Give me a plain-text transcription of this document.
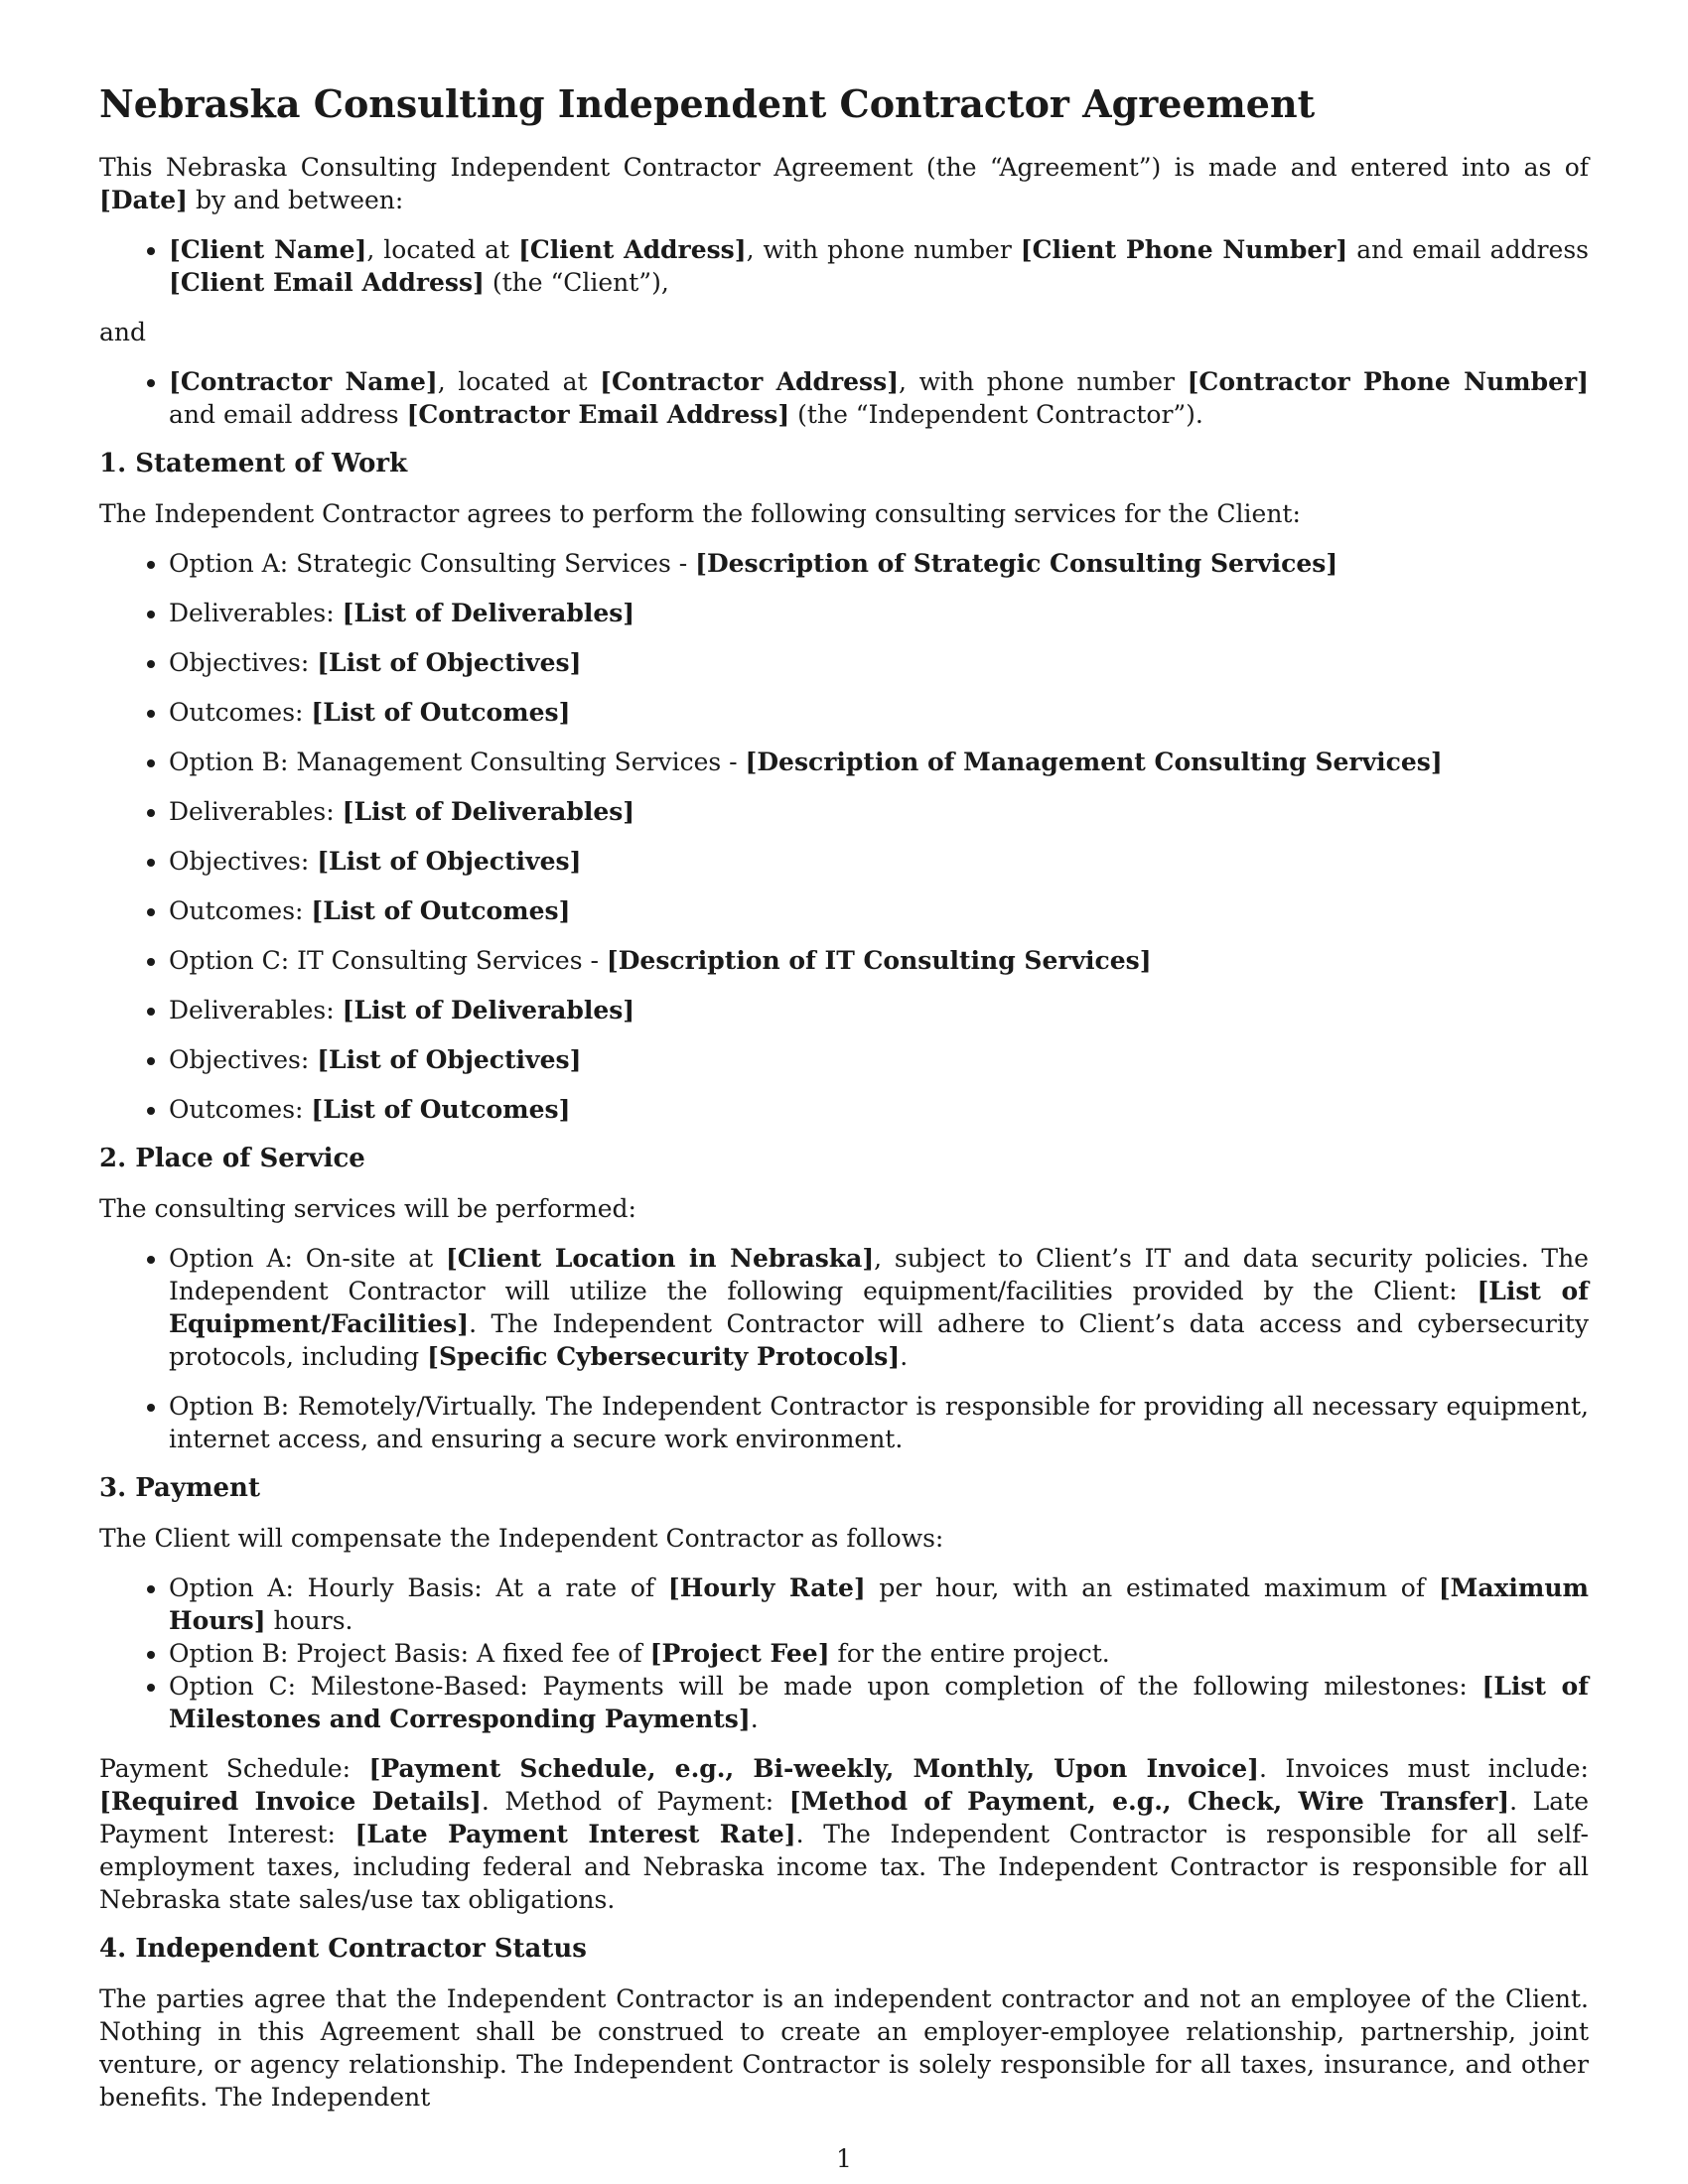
Nebraska Consulting Independent Contractor Agreement

This Nebraska Consulting Independent Contractor Agreement (the “Agreement”) is made and entered into as of [Date] by and between:

• [Client Name], located at [Client Address], with phone number [Client Phone Number] and email address [Client Email Address] (the “Client”),

and

• [Contractor Name], located at [Contractor Address], with phone number [Contractor Phone Number] and email address [Contractor Email Address] (the “Independent Contractor”).
1. Statement of Work

The Independent Contractor agrees to perform the following consulting services for the Client:

• Option A: Strategic Consulting Services - [Description of Strategic Consulting Services]
• Deliverables: [List of Deliverables]
• Objectives: [List of Objectives]
• Outcomes: [List of Outcomes]
• Option B: Management Consulting Services - [Description of Management Consulting Services]
• Deliverables: [List of Deliverables]
• Objectives: [List of Objectives]
• Outcomes: [List of Outcomes]
• Option C: IT Consulting Services - [Description of IT Consulting Services]
• Deliverables: [List of Deliverables]
• Objectives: [List of Objectives]
• Outcomes: [List of Outcomes]
2. Place of Service

The consulting services will be performed:

• Option A: On-site at [Client Location in Nebraska], subject to Client’s IT and data security policies. The Independent Contractor will utilize the following equipment/facilities provided by the Client: [List of Equipment/Facilities]. The Independent Contractor will adhere to Client’s data access and cybersecurity protocols, including [Specific Cybersecurity Protocols].
• Option B: Remotely/Virtually. The Independent Contractor is responsible for providing all necessary equipment, internet access, and ensuring a secure work environment.
3. Payment

The Client will compensate the Independent Contractor as follows:

• Option A: Hourly Basis: At a rate of [Hourly Rate] per hour, with an estimated maximum of [Maximum Hours] hours.
• Option B: Project Basis: A fixed fee of [Project Fee] for the entire project.
• Option C: Milestone-Based: Payments will be made upon completion of the following milestones: [List of Milestones and Corresponding Payments].

Payment Schedule: [Payment Schedule, e.g., Bi-weekly, Monthly, Upon Invoice]. Invoices must include: [Required Invoice Details]. Method of Payment: [Method of Payment, e.g., Check, Wire Transfer]. Late Payment Interest: [Late Payment Interest Rate]. The Independent Contractor is responsible for all self-employment taxes, including federal and Nebraska income tax. The Independent Contractor is responsible for all Nebraska state sales/use tax obligations.

4. Independent Contractor Status

The parties agree that the Independent Contractor is an independent contractor and not an employee of the Client. Nothing in this Agreement shall be construed to create an employer-employee relationship, partnership, joint venture, or agency relationship. The Independent Contractor is solely responsible for all taxes, insurance, and other benefits. The Independent

1
